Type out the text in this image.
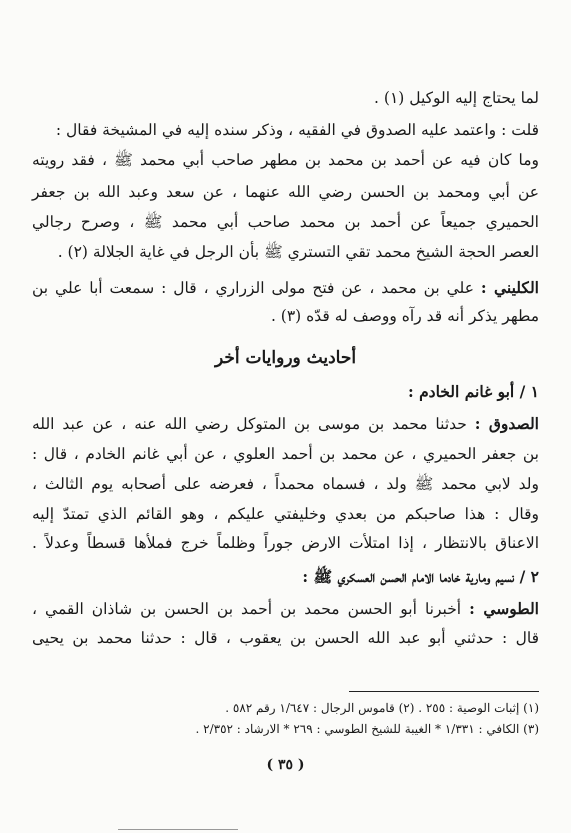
لما يحتاج إليه الوكيل (١) .
قلت : واعتمد عليه الصدوق في الفقيه ، وذكر سنده إليه في المشيخة فقال :
وما كان فيه عن أحمد بن محمد بن مطهر صاحب أبي محمد ﷺ ، فقد رويته
عن أبي ومحمد بن الحسن رضي الله عنهما ، عن سعد وعبد الله بن جعفر
الحميري جميعاً عن أحمد بن محمد صاحب أبي محمد ﷺ ، وصرح رجالي
العصر الحجة الشيخ محمد تقي التستري ﷺ بأن الرجل في غاية الجلالة (٢) .
الكليني : علي بن محمد ، عن فتح مولى الزراري ، قال : سمعت أبا علي بن
مطهر يذكر أنه قد رآه ووصف له قدّه (٣) .
أحاديث وروايات أخر
١ / أبو غانم الخادم :
الصدوق : حدثنا محمد بن موسى بن المتوكل رضي الله عنه ، عن عبد الله
بن جعفر الحميري ، عن محمد بن أحمد العلوي ، عن أبي غانم الخادم ، قال :
ولد لابي محمد ﷺ ولد ، فسماه محمداً ، فعرضه على أصحابه يوم الثالث ،
وقال : هذا صاحبكم من بعدي وخليفتي عليكم ، وهو القائم الذي تمتدّ إليه
الاعناق بالانتظار ، إذا امتلأت الارض جوراً وظلماً خرج فملأها قسطاً وعدلاً .
٢ / نسيم ومارية خادما الامام الحسن العسكري ﷺ :
الطوسي : أخبرنا أبو الحسن محمد بن أحمد بن الحسن بن شاذان القمي ،
قال : حدثني أبو عبد الله الحسن بن يعقوب ، قال : حدثنا محمد بن يحيى
(١) إثبات الوصية : ٢٥٥ . (٢) قاموس الرجال : ١/٦٤٧ رقم ٥٨٢ .
(٣) الكافي : ١/٣٣١ * الغيبة للشيخ الطوسي : ٢٦٩ * الارشاد : ٢/٣٥٢ .
( ٣٥ )
